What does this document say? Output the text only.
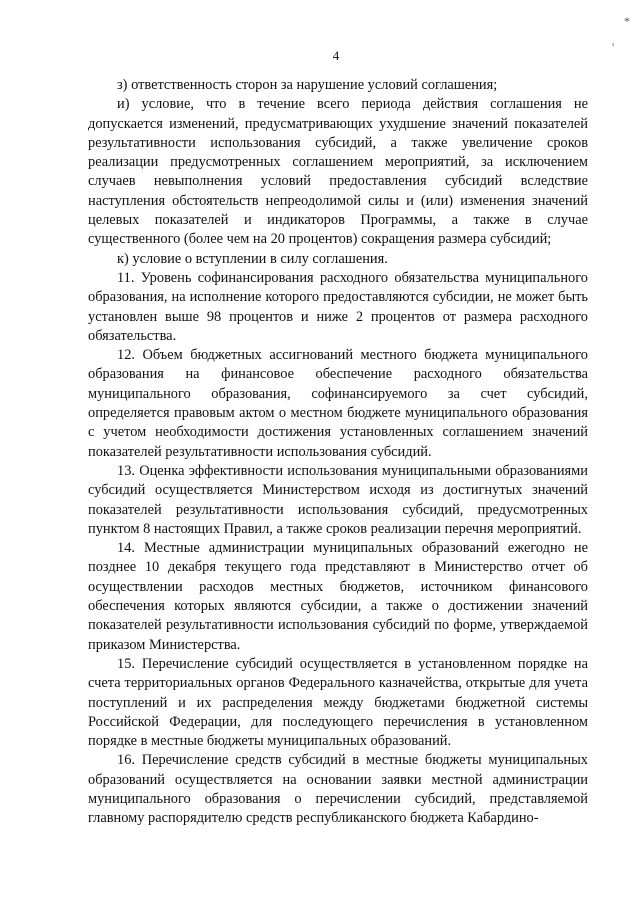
*
'
4

з) ответственность сторон за нарушение условий соглашения;

и) условие, что в течение всего периода действия соглашения не допускается изменений, предусматривающих ухудшение значений показателей результативности использования субсидий, а также увеличение сроков реализации предусмотренных соглашением мероприятий, за исключением случаев невыполнения условий предоставления субсидий вследствие наступления обстоятельств непреодолимой силы и (или) изменения значений целевых показателей и индикаторов Программы, а также в случае существенного (более чем на 20 процентов) сокращения размера субсидий;

к) условие о вступлении в силу соглашения.

11. Уровень софинансирования расходного обязательства муниципального образования, на исполнение которого предоставляются субсидии, не может быть установлен выше 98 процентов и ниже 2 процентов от размера расходного обязательства.

12. Объем бюджетных ассигнований местного бюджета муниципального образования на финансовое обеспечение расходного обязательства муниципального образования, софинансируемого за счет субсидий, определяется правовым актом о местном бюджете муниципального образования с учетом необходимости достижения установленных соглашением значений показателей результативности использования субсидий.

13. Оценка эффективности использования муниципальными образованиями субсидий осуществляется Министерством исходя из достигнутых значений показателей результативности использования субсидий, предусмотренных пунктом 8 настоящих Правил, а также сроков реализации перечня мероприятий.

14. Местные администрации муниципальных образований ежегодно не позднее 10 декабря текущего года представляют в Министерство отчет об осуществлении расходов местных бюджетов, источником финансового обеспечения которых являются субсидии, а также о достижении значений показателей результативности использования субсидий по форме, утверждаемой приказом Министерства.

15. Перечисление субсидий осуществляется в установленном порядке на счета территориальных органов Федерального казначейства, открытые для учета поступлений и их распределения между бюджетами бюджетной системы Российской Федерации, для последующего перечисления в установленном порядке в местные бюджеты муниципальных образований.

16. Перечисление средств субсидий в местные бюджеты муниципальных образований осуществляется на основании заявки местной администрации муниципального образования о перечислении субсидий, представляемой главному распорядителю средств республиканского бюджета Кабардино-
